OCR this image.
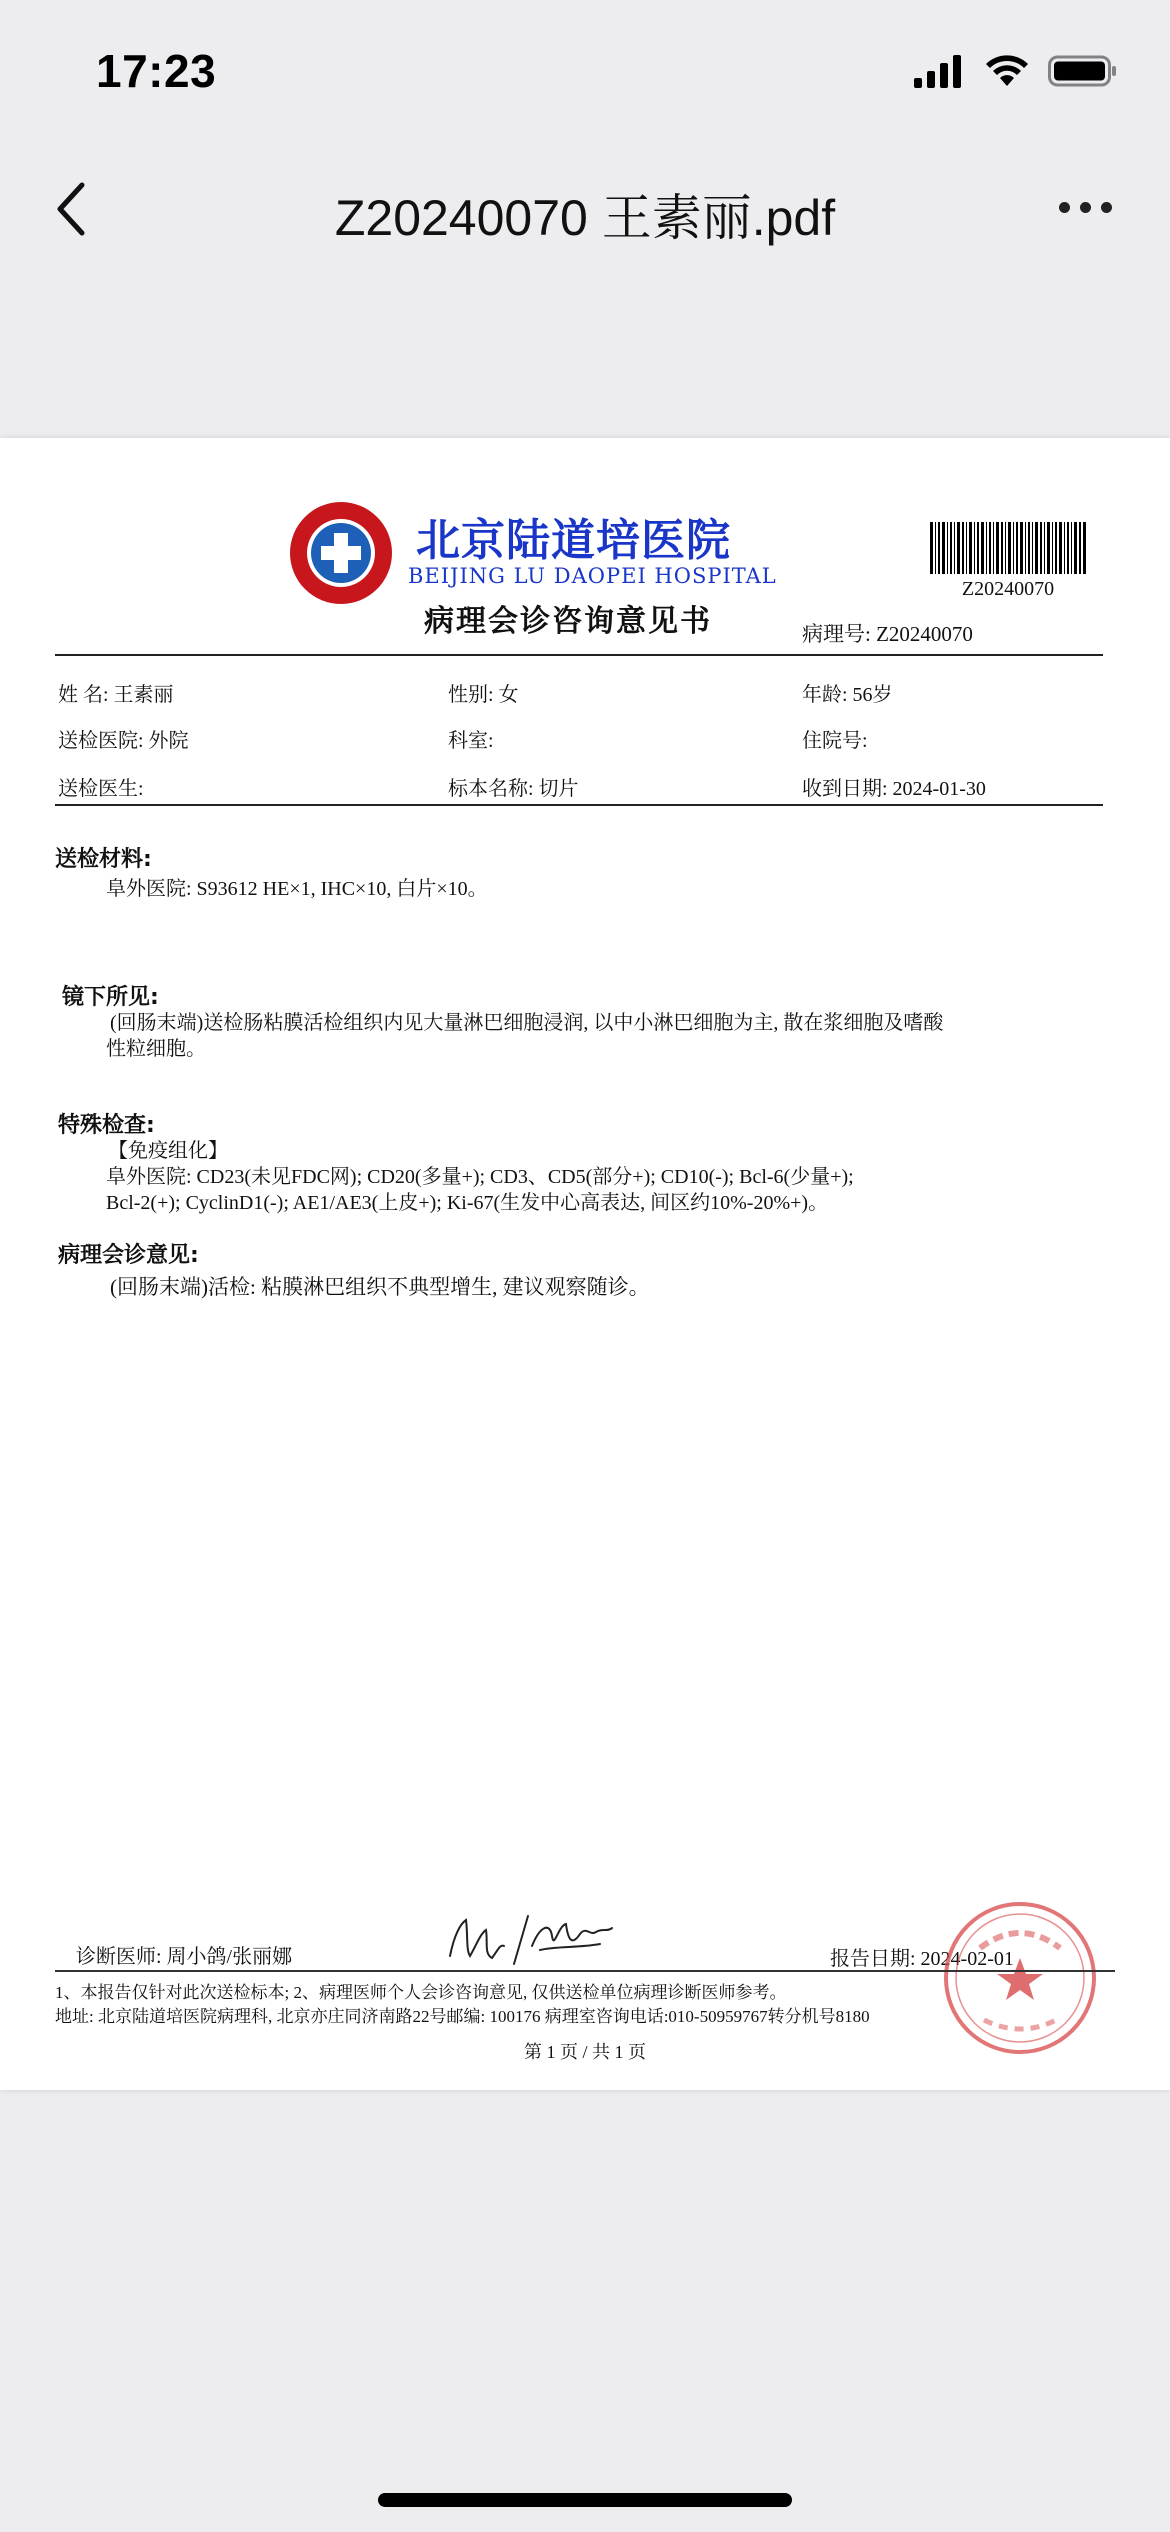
17:23
Z20240070 王素丽.pdf
北京陆道培医院
BEIJING LU DAOPEI HOSPITAL
病理会诊咨询意见书
Z20240070
病理号: Z20240070
姓 名: 王素丽	性别: 女	年龄: 56岁
送检医院: 外院	科室:	住院号:
送检医生:	标本名称: 切片	收到日期: 2024-01-30
送检材料:
阜外医院: S93612 HE×1, IHC×10, 白片×10。
镜下所见:
(回肠末端)送检肠粘膜活检组织内见大量淋巴细胞浸润, 以中小淋巴细胞为主, 散在浆细胞及嗜酸
性粒细胞。
特殊检查:
【免疫组化】
阜外医院: CD23(未见FDC网); CD20(多量+); CD3、CD5(部分+); CD10(-); Bcl-6(少量+);
Bcl-2(+); CyclinD1(-); AE1/AE3(上皮+); Ki-67(生发中心高表达, 间区约10%-20%+)。
病理会诊意见:
(回肠末端)活检: 粘膜淋巴组织不典型增生, 建议观察随诊。
诊断医师: 周小鸽/张丽娜	报告日期: 2024-02-01
1、本报告仅针对此次送检标本; 2、病理医师个人会诊咨询意见, 仅供送检单位病理诊断医师参考。
地址: 北京陆道培医院病理科, 北京亦庄同济南路22号邮编: 100176 病理室咨询电话:010-50959767转分机号8180
第 1 页 / 共 1 页
